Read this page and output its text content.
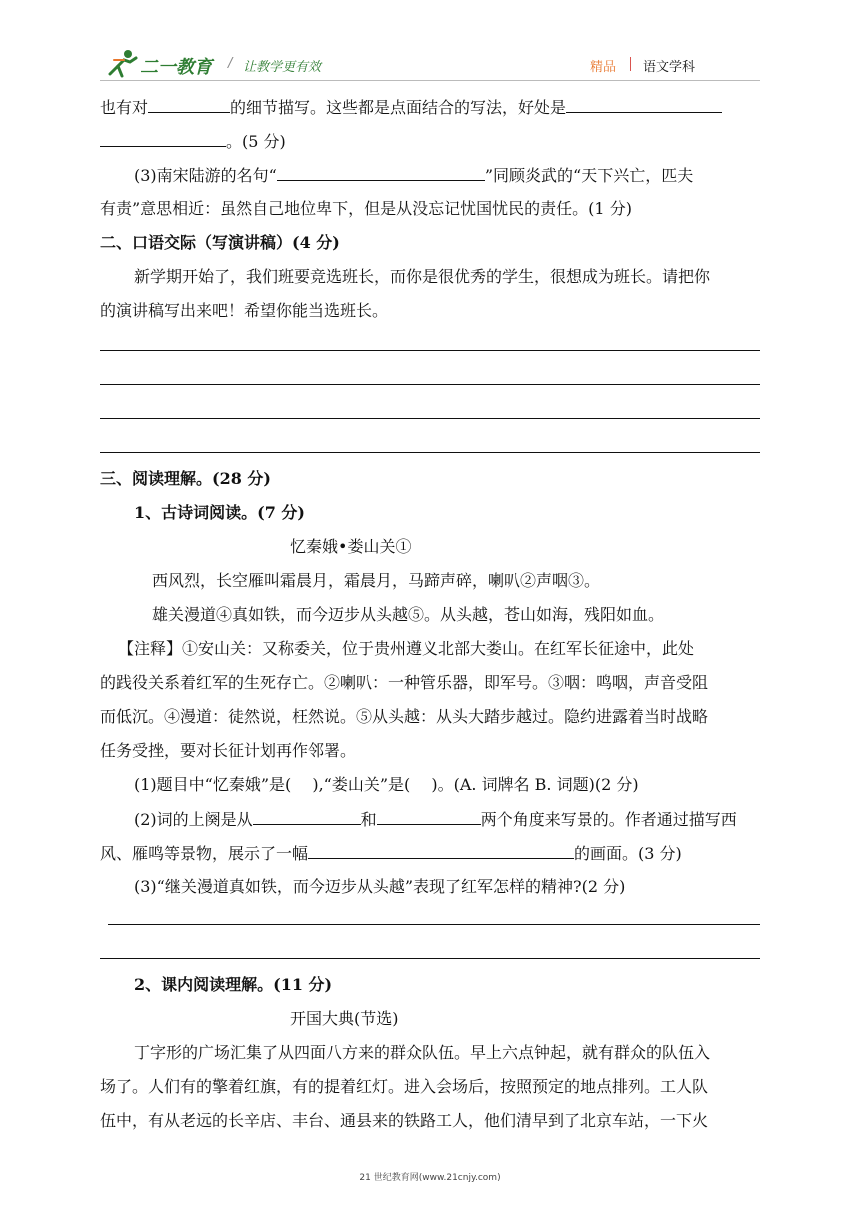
二一教育 / 让教学更有效	精品 语文学科
也有对	的细节描写。这些都是点面结合的写法，好处是
。(5 分)
(3)南宋陆游的名句“	”同顾炎武的“天下兴亡，匹夫
有责”意思相近：虽然自己地位卑下，但是从没忘记忧国忧民的责任。(1 分)
二、口语交际（写演讲稿）(4 分)
新学期开始了，我们班要竞选班长，而你是很优秀的学生，很想成为班长。请把你
的演讲稿写出来吧！希望你能当选班长。
三、阅读理解。(28 分)
1、古诗词阅读。(7 分)
忆秦娥•娄山关①
西风烈，长空雁叫霜晨月，霜晨月，马蹄声碎，喇叭②声咽③。
雄关漫道④真如铁，而今迈步从头越⑤。从头越，苍山如海，残阳如血。
【注释】①安山关：又称委关，位于贵州遵义北部大娄山。在红军长征途中，此处
的践役关系着红军的生死存亡。②喇叭：一种管乐器，即军号。③咽：鸣咽，声音受阻
而低沉。④漫道：徒然说，枉然说。⑤从头越：从头大踏步越过。隐约进露着当时战略
任务受挫，要对长征计划再作邻署。
(1)题目中“忆秦娥”是(　 ),“娄山关”是(　 )。(A. 词牌名 B. 词题)(2 分)
(2)词的上阕是从	和	两个角度来写景的。作者通过描写西
风、雁鸣等景物，展示了一幅	的画面。(3 分)
(3)“继关漫道真如铁，而今迈步从头越”表现了红军怎样的精神?(2 分)
2、课内阅读理解。(11 分)
开国大典(节选)
丁字形的广场汇集了从四面八方来的群众队伍。早上六点钟起，就有群众的队伍入
场了。人们有的擎着红旗，有的提着红灯。进入会场后，按照预定的地点排列。工人队
伍中，有从老远的长辛店、丰台、通县来的铁路工人，他们清早到了北京车站，一下火
21 世纪教育网(www.21cnjy.com)
